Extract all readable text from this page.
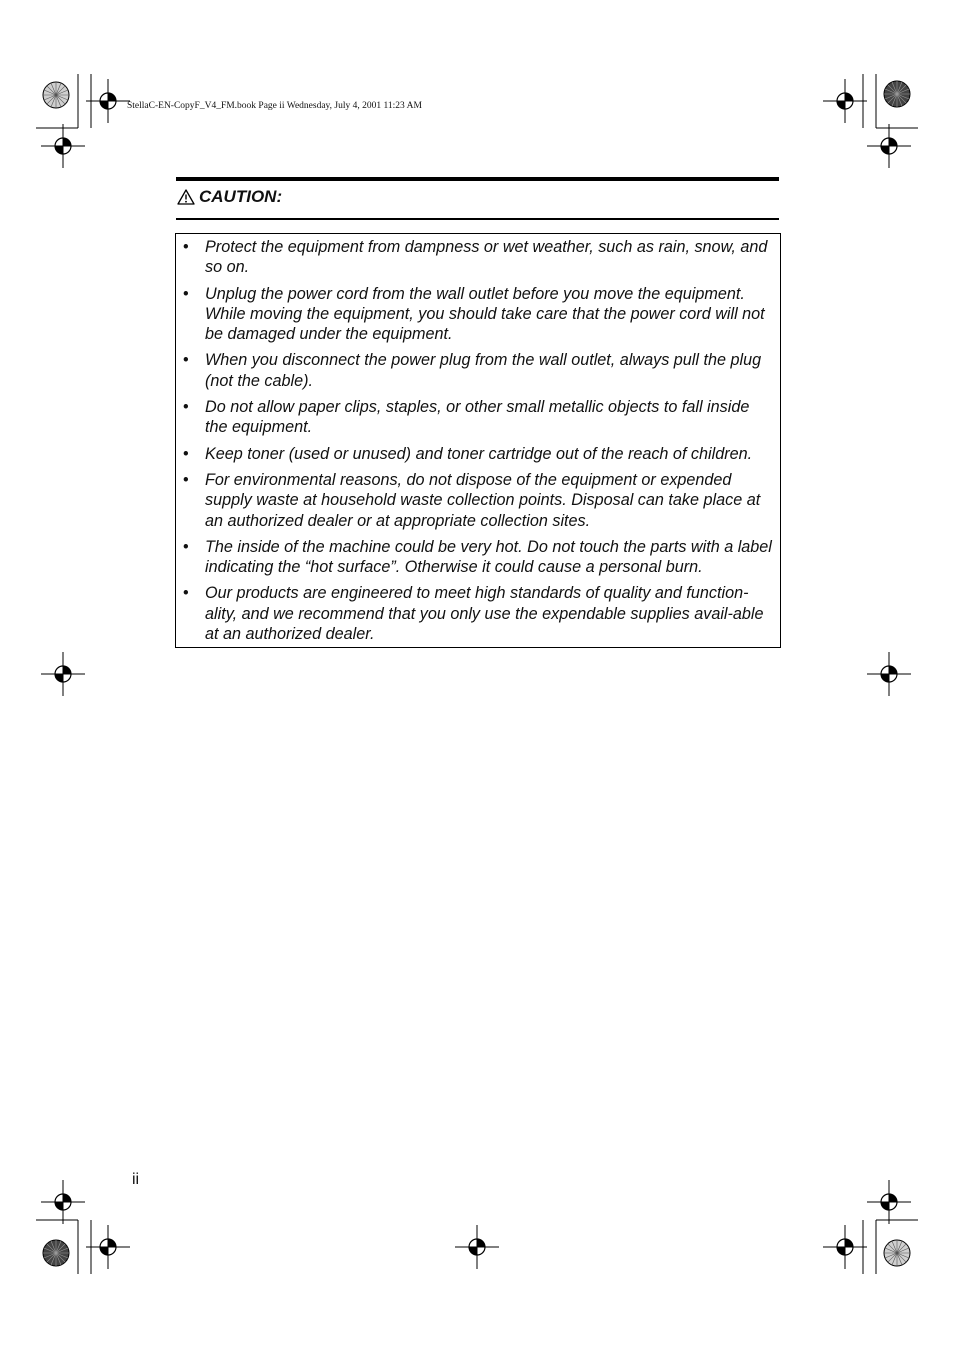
StellaC-EN-CopyF_V4_FM.book Page ii Wednesday, July 4, 2001 11:23 AM
CAUTION:
• Protect the equipment from dampness or wet weather, such as rain, snow, and so on.
• Unplug the power cord from the wall outlet before you move the equipment. While moving the equipment, you should take care that the power cord will not be damaged under the equipment.
• When you disconnect the power plug from the wall outlet, always pull the plug (not the cable).
• Do not allow paper clips, staples, or other small metallic objects to fall inside the equipment.
• Keep toner (used or unused) and toner cartridge out of the reach of children.
• For environmental reasons, do not dispose of the equipment or expended supply waste at household waste collection points. Disposal can take place at an authorized dealer or at appropriate collection sites.
• The inside of the machine could be very hot. Do not touch the parts with a label indicating the “hot surface”. Otherwise it could cause a personal burn.
• Our products are engineered to meet high standards of quality and function-ality, and we recommend that you only use the expendable supplies avail-able at an authorized dealer.
ii
